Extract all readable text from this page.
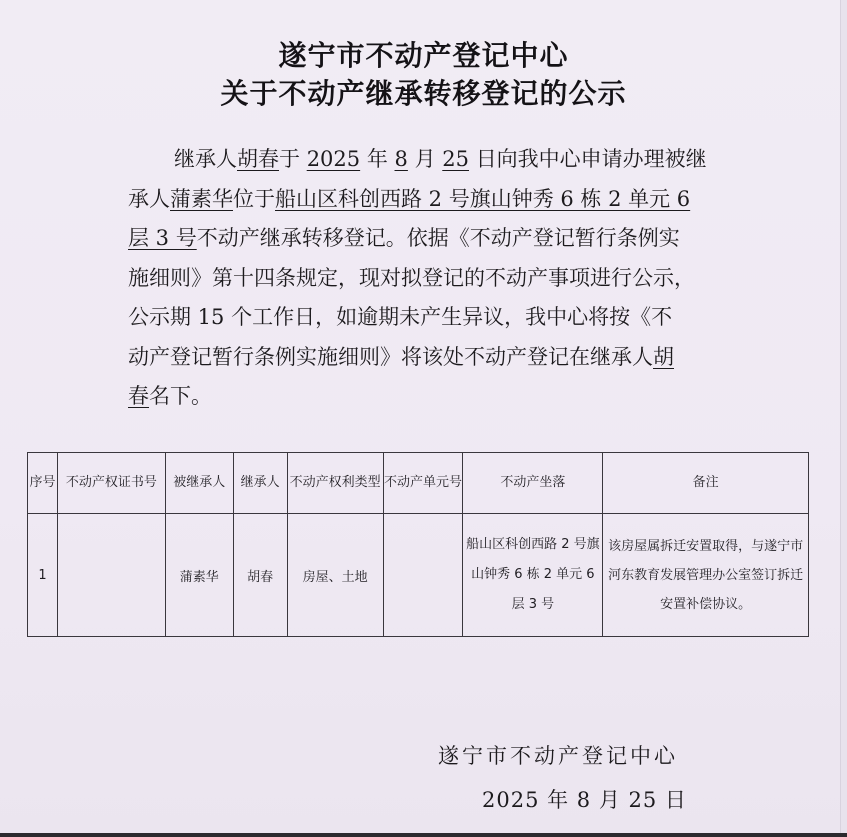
遂宁市不动产登记中心
关于不动产继承转移登记的公示
继承人胡春于 2025 年 8 月 25 日向我中心申请办理被继
承人蒲素华位于船山区科创西路 2 号旗山钟秀 6 栋 2 单元 6
层 3 号不动产继承转移登记。依据《不动产登记暂行条例实
施细则》第十四条规定，现对拟登记的不动产事项进行公示，
公示期 15 个工作日，如逾期未产生异议，我中心将按《不
动产登记暂行条例实施细则》将该处不动产登记在继承人胡
春名下。
序号	不动产权证书号	被继承人	继承人	不动产权利类型	不动产单元号	不动产坐落	备注
1		蒲素华	胡春	房屋、土地		船山区科创西路 2 号旗山钟秀 6 栋 2 单元 6 层 3 号	该房屋属拆迁安置取得，与遂宁市河东教育发展管理办公室签订拆迁安置补偿协议。
遂宁市不动产登记中心
2025 年 8 月 25 日
